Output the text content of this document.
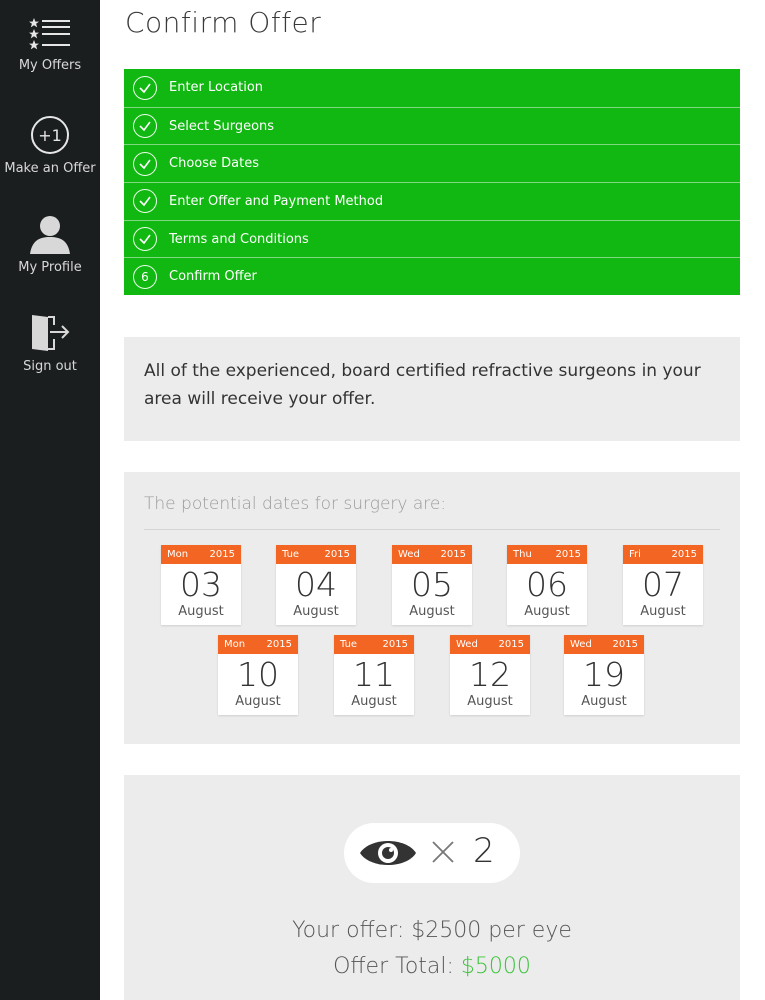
My Offers
+1
Make an Offer
My Profile
Sign out
Confirm Offer
Enter Location
Select Surgeons
Choose Dates
Enter Offer and Payment Method
Terms and Conditions
6	Confirm Offer

All of the experienced, board certified refractive surgeons in your area will receive your offer.

The potential dates for surgery are:
Mon 2015
03
August
Tue	2015
04
August
Wed 2015
05
August
Thu 2015
06
August
Fri	2015
07
August
Mon 2015
10
August
Tue	2015
11
August
Wed 2015
12
August
Wed 2015
19
August
2
Your offer: $2500 per eye
Offer Total: $5000
